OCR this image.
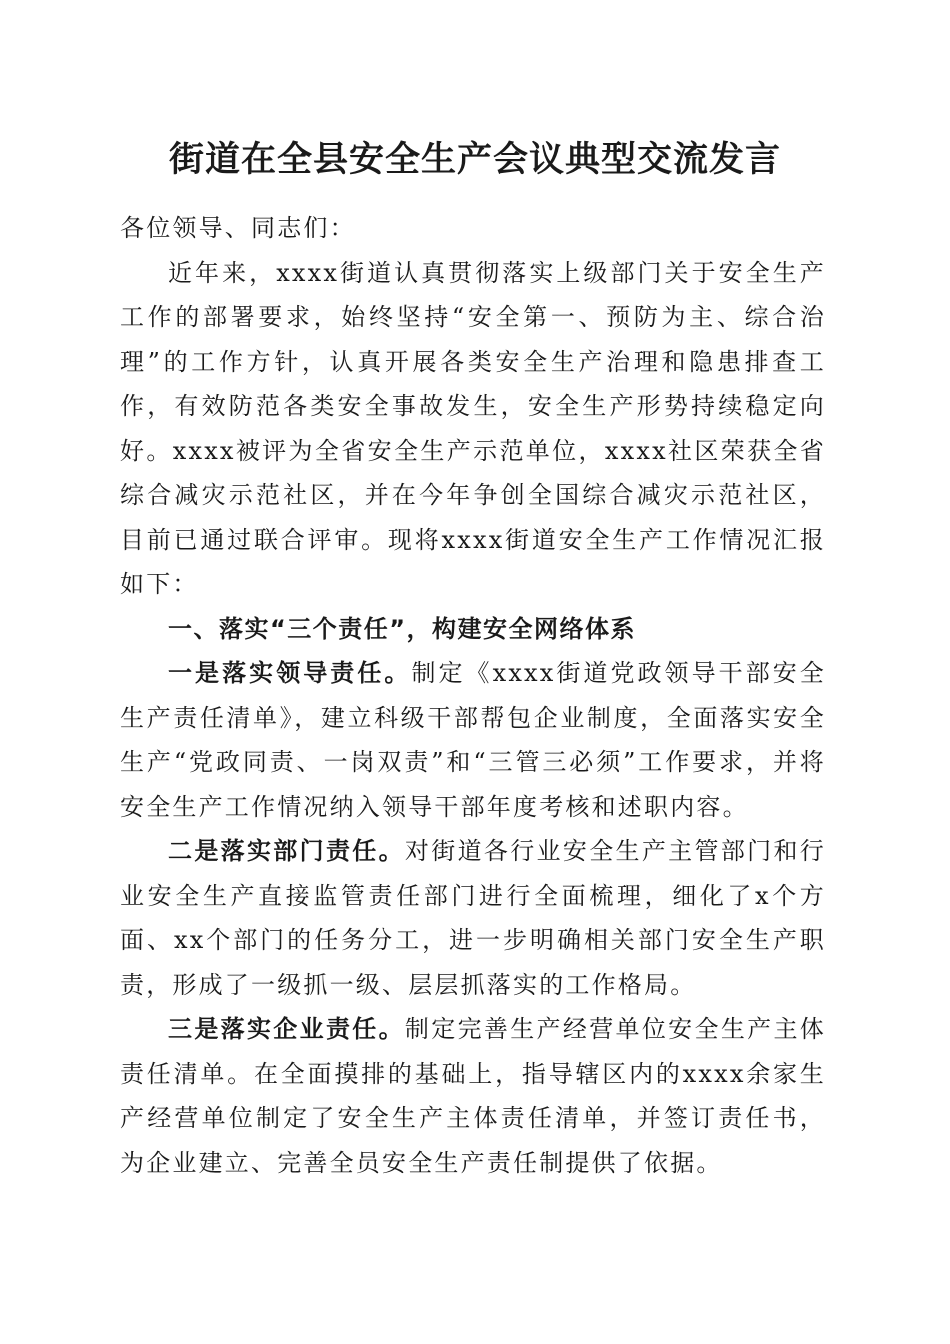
街道在全县安全生产会议典型交流发言

各位领导、同志们：

近年来，xxxx街道认真贯彻落实上级部门关于安全生产工作的部署要求，始终坚持“安全第一、预防为主、综合治理”的工作方针，认真开展各类安全生产治理和隐患排查工作，有效防范各类安全事故发生，安全生产形势持续稳定向好。xxxx被评为全省安全生产示范单位，xxxx社区荣获全省综合减灾示范社区，并在今年争创全国综合减灾示范社区，目前已通过联合评审。现将xxxx街道安全生产工作情况汇报如下：

一、落实“三个责任”，构建安全网络体系

一是落实领导责任。制定《xxxx街道党政领导干部安全生产责任清单》，建立科级干部帮包企业制度，全面落实安全生产“党政同责、一岗双责”和“三管三必须”工作要求，并将安全生产工作情况纳入领导干部年度考核和述职内容。

二是落实部门责任。对街道各行业安全生产主管部门和行业安全生产直接监管责任部门进行全面梳理，细化了x个方面、xx个部门的任务分工，进一步明确相关部门安全生产职责，形成了一级抓一级、层层抓落实的工作格局。

三是落实企业责任。制定完善生产经营单位安全生产主体责任清单。在全面摸排的基础上，指导辖区内的xxxx余家生产经营单位制定了安全生产主体责任清单，并签订责任书，为企业建立、完善全员安全生产责任制提供了依据。
